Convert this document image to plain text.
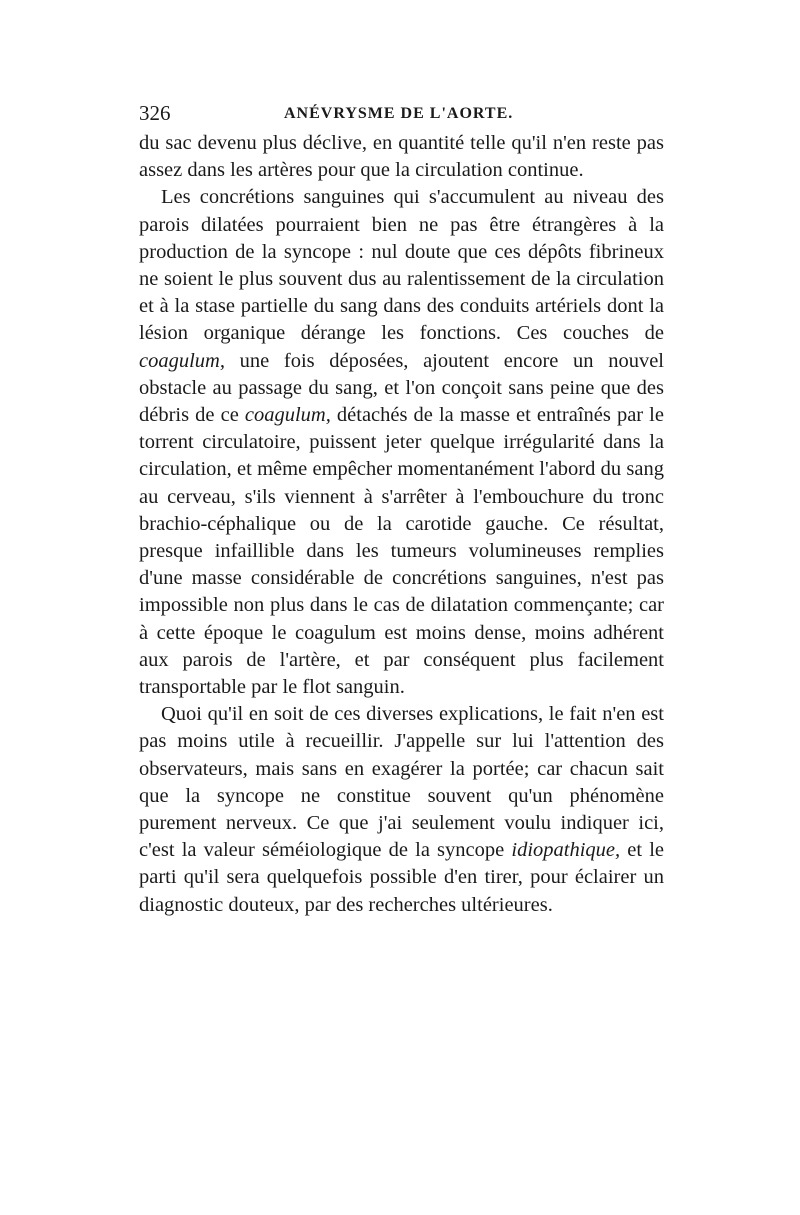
326	ANÉVRYSME DE L'AORTE.

du sac devenu plus déclive, en quantité telle qu'il n'en reste pas assez dans les artères pour que la circulation continue.

Les concrétions sanguines qui s'accumulent au niveau des parois dilatées pourraient bien ne pas être étrangères à la production de la syncope : nul doute que ces dépôts fibrineux ne soient le plus souvent dus au ralentissement de la circulation et à la stase partielle du sang dans des conduits artériels dont la lésion organique dérange les fonctions. Ces couches de coagulum, une fois déposées, ajoutent encore un nouvel obstacle au passage du sang, et l'on conçoit sans peine que des débris de ce coagulum, détachés de la masse et entraînés par le torrent circulatoire, puissent jeter quelque irrégularité dans la circulation, et même empêcher momentanément l'abord du sang au cerveau, s'ils viennent à s'arrêter à l'embouchure du tronc brachio-céphalique ou de la carotide gauche. Ce résultat, presque infaillible dans les tumeurs volumineuses remplies d'une masse considérable de concrétions sanguines, n'est pas impossible non plus dans le cas de dilatation commençante; car à cette époque le coagulum est moins dense, moins adhérent aux parois de l'artère, et par conséquent plus facilement transportable par le flot sanguin.

Quoi qu'il en soit de ces diverses explications, le fait n'en est pas moins utile à recueillir. J'appelle sur lui l'attention des observateurs, mais sans en exagérer la portée; car chacun sait que la syncope ne constitue souvent qu'un phénomène purement nerveux. Ce que j'ai seulement voulu indiquer ici, c'est la valeur séméiologique de la syncope idiopathique, et le parti qu'il sera quelquefois possible d'en tirer, pour éclairer un diagnostic douteux, par des recherches ultérieures.
